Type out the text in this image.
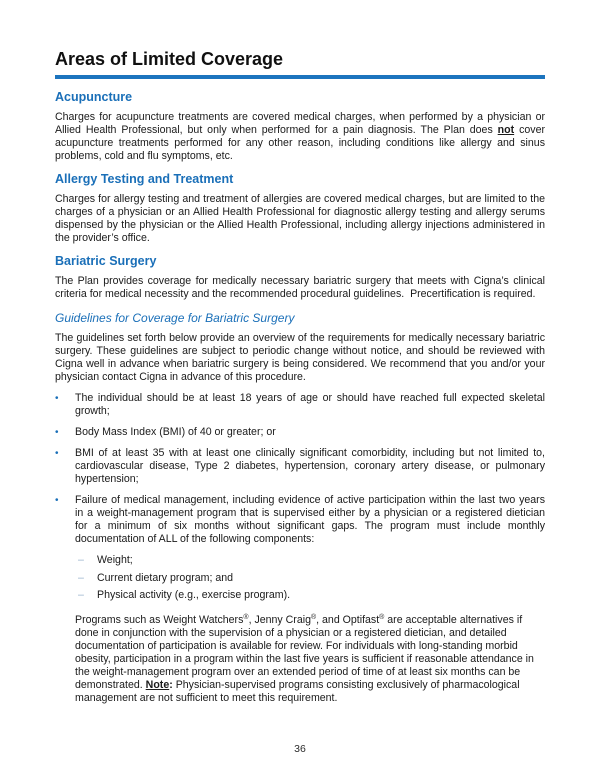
Areas of Limited Coverage
Acupuncture

Charges for acupuncture treatments are covered medical charges, when performed by a physician or Allied Health Professional, but only when performed for a pain diagnosis. The Plan does not cover acupuncture treatments performed for any other reason, including conditions like allergy and sinus problems, cold and flu symptoms, etc.

Allergy Testing and Treatment

Charges for allergy testing and treatment of allergies are covered medical charges, but are limited to the charges of a physician or an Allied Health Professional for diagnostic allergy testing and allergy serums dispensed by the physician or the Allied Health Professional, including allergy injections administered in the provider’s office.

Bariatric Surgery

The Plan provides coverage for medically necessary bariatric surgery that meets with Cigna’s clinical criteria for medical necessity and the recommended procedural guidelines.  Precertification is required.

Guidelines for Coverage for Bariatric Surgery

The guidelines set forth below provide an overview of the requirements for medically necessary bariatric surgery. These guidelines are subject to periodic change without notice, and should be reviewed with Cigna well in advance when bariatric surgery is being considered. We recommend that you and/or your physician contact Cigna in advance of this procedure.

•	The individual should be at least 18 years of age or should have reached full expected skeletal growth;
•	Body Mass Index (BMI) of 40 or greater; or
•	BMI of at least 35 with at least one clinically significant comorbidity, including but not limited to, cardiovascular disease, Type 2 diabetes, hypertension, coronary artery disease, or pulmonary hypertension;
•	Failure of medical management, including evidence of active participation within the last two years in a weight-management program that is supervised either by a physician or a registered dietician for a minimum of six months without significant gaps. The program must include monthly documentation of ALL of the following components:
–	Weight;
–	Current dietary program; and
–	Physical activity (e.g., exercise program).

Programs such as Weight Watchers®, Jenny Craig®, and Optifast® are acceptable alternatives if done in conjunction with the supervision of a physician or a registered dietician, and detailed documentation of participation is available for review. For individuals with long-standing morbid obesity, participation in a program within the last five years is sufficient if reasonable attendance in the weight-management program over an extended period of time of at least six months can be demonstrated. Note: Physician-supervised programs consisting exclusively of pharmacological management are not sufficient to meet this requirement.

36
